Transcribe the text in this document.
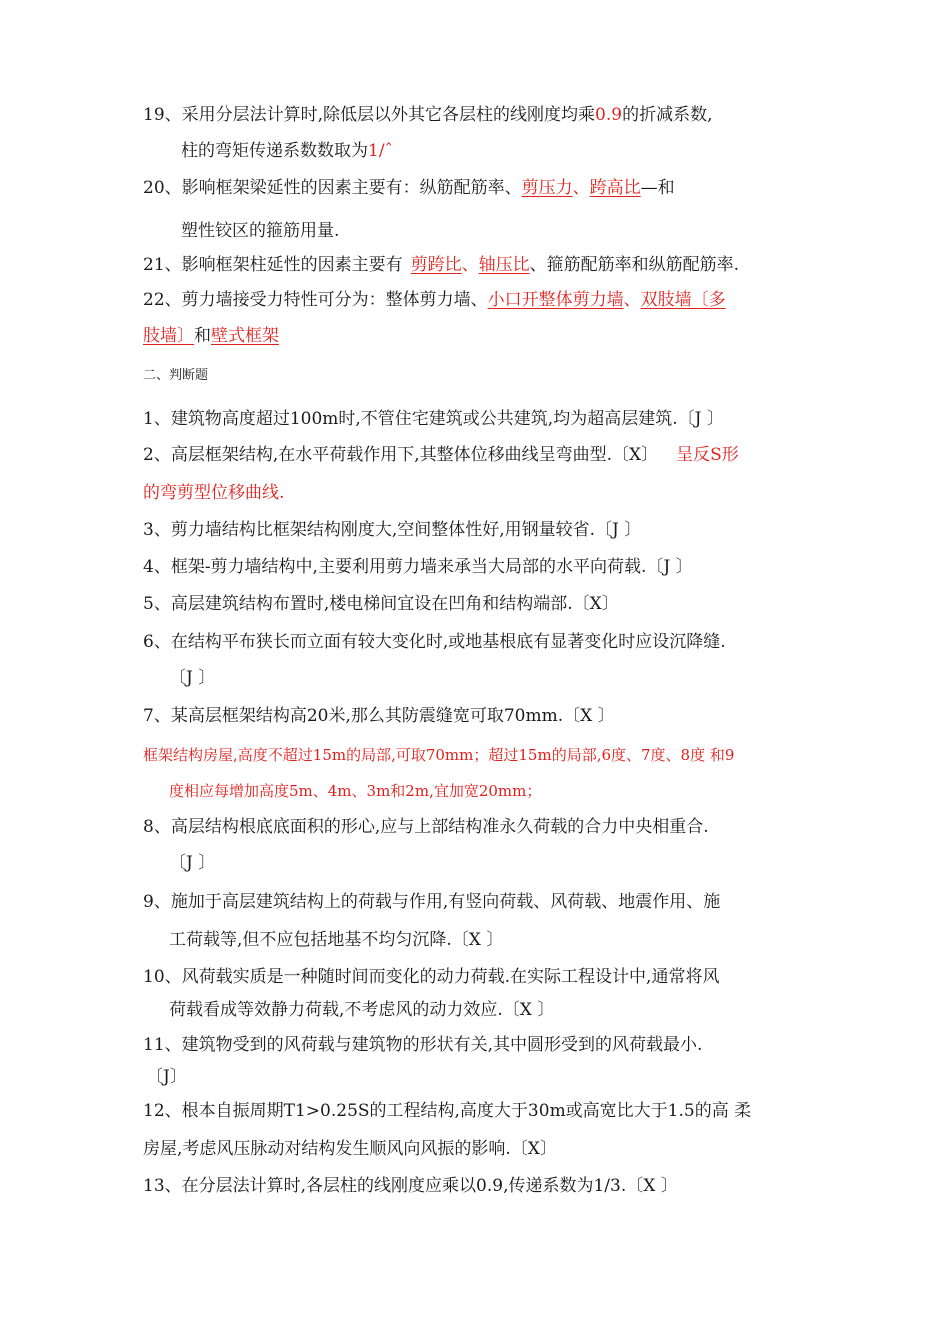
19、采用分层法计算时,除低层以外其它各层柱的线刚度均乘0.9的折减系数,
柱的弯矩传递系数数取为1/ˆ
20、影响框架梁延性的因素主要有：纵筋配筋率、剪压力、跨高比—和
塑性铰区的箍筋用量.
21、影响框架柱延性的因素主要有 剪跨比、轴压比、箍筋配筋率和纵筋配筋率.
22、剪力墙接受力特性可分为：整体剪力墙、小口开整体剪力墙、双肢墙〔多
肢墙〕和壁式框架
二、判断题
1、建筑物高度超过100m时,不管住宅建筑或公共建筑,均为超高层建筑.〔J 〕
2、高层框架结构,在水平荷载作用下,其整体位移曲线呈弯曲型.〔X〕 呈反S形
的弯剪型位移曲线.
3、剪力墙结构比框架结构刚度大,空间整体性好,用钢量较省.〔J 〕
4、框架-剪力墙结构中,主要利用剪力墙来承当大局部的水平向荷载.〔J 〕
5、高层建筑结构布置时,楼电梯间宜设在凹角和结构端部.〔X〕
6、在结构平布狭长而立面有较大变化时,或地基根底有显著变化时应设沉降缝.
〔J 〕
7、某高层框架结构高20米,那么其防震缝宽可取70mm.〔X 〕
框架结构房屋,高度不超过15m的局部,可取70mm；超过15m的局部,6度、7度、8度 和9
度相应每增加高度5m、4m、3m和2m,宜加宽20mm；
8、高层结构根底底面积的形心,应与上部结构准永久荷载的合力中央相重合.
〔J 〕
9、施加于高层建筑结构上的荷载与作用,有竖向荷载、风荷载、地震作用、施
工荷载等,但不应包括地基不均匀沉降.〔X 〕
10、风荷载实质是一种随时间而变化的动力荷载.在实际工程设计中,通常将风
荷载看成等效静力荷载,不考虑风的动力效应.〔X 〕
11、建筑物受到的风荷载与建筑物的形状有关,其中圆形受到的风荷载最小.
〔J〕
12、根本自振周期T1>0.25S的工程结构,高度大于30m或高宽比大于1.5的高 柔
房屋,考虑风压脉动对结构发生顺风向风振的影响.〔X〕
13、在分层法计算时,各层柱的线刚度应乘以0.9,传递系数为1/3.〔X 〕
